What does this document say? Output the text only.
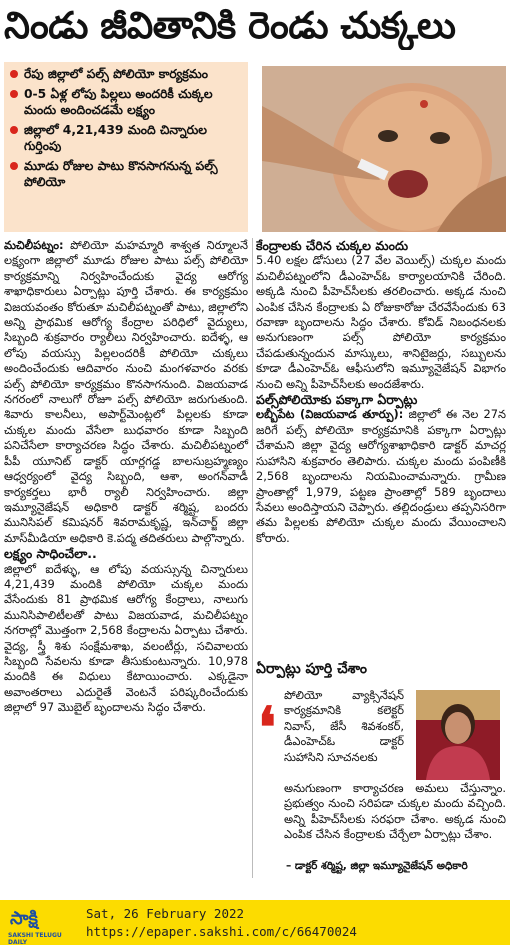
నిండు జీవితానికి రెండు చుక్కలు
రేపు జిల్లాలో పల్స్ పోలియో కార్యక్రమం
0-5 ఏళ్ల లోపు పిల్లలు అందరికీ చుక్కల మందు అందించడమే లక్ష్యం
జిల్లాలో 4,21,439 మంది చిన్నారుల గుర్తింపు
మూడు రోజుల పాటు కొనసాగనున్న పల్స్ పోలియో

మచిలీపట్నం: పోలియో మహమ్మారి శాశ్వత నిర్మూలనే లక్ష్యంగా జిల్లాలో మూడు రోజుల పాటు పల్స్ పోలియో కార్యక్రమాన్ని నిర్వహించేందుకు వైద్య ఆరోగ్య శాఖాధికారులు ఏర్పాట్లు పూర్తి చేశారు. ఈ కార్యక్రమం విజయవంతం కోరుతూ మచిలీపట్నంతో పాటు, జిల్లాలోని అన్ని ప్రాథమిక ఆరోగ్య కేంద్రాల పరిధిలో వైద్యులు, సిబ్బంది శుక్రవారం ర్యాలీలు నిర్వహించారు. ఐదేళ్ళ, ఆ లోపు వయస్సు పిల్లలందరికీ పోలియో చుక్కలు అందించేందుకు ఆదివారం నుంచి మంగళవారం వరకు పల్స్ పోలియో కార్యక్రమం కొనసాగనుంది. విజయవాడ నగరంలో నాలుగో రోజూ పల్స్ పోలియో జరుగుతుంది. శివారు కాలనీలు, అపార్ట్‌మెంట్లలో పిల్లలకు కూడా చుక్కల మందు వేసేలా బుధవారం కూడా సిబ్బంది పనిచేసేలా కార్యాచరణ సిద్ధం చేశారు. మచిలీపట్నంలో పీపీ యూనిట్ డాక్టర్ యార్లగడ్డ బాలసుబ్రహ్మణ్యం ఆధ్వర్యంలో వైద్య సిబ్బంది, ఆశా, అంగన్‌వాడీ కార్యకర్తలు భారీ ర్యాలీ నిర్వహించారు. జిల్లా ఇమ్యూనైజేషన్ అధికారి డాక్టర్ శర్మిష్ట, బందరు మునిసిపల్ కమిషనర్ శివరామకృష్ణ, ఇన్‌చార్జ్ జిల్లా మాస్‌మీడియా అధికారి కె.పద్మ తదితరులు పాల్గొన్నారు.

లక్ష్యం సాధించేలా..

జిల్లాలో ఐదేళ్ళు, ఆ లోపు వయస్సున్న చిన్నారులు 4,21,439 మందికి పోలియో చుక్కల మందు వేసేందుకు 81 ప్రాథమిక ఆరోగ్య కేంద్రాలు, నాలుగు మునిసిపాలిటీలతో పాటు విజయవాడ, మచిలీపట్నం నగరాల్లో మొత్తంగా 2,568 కేంద్రాలను ఏర్పాటు చేశారు. వైద్య, స్త్రీ శిశు సంక్షేమశాఖ, వలంటీర్లు, సచివాలయ సిబ్బంది సేవలను కూడా తీసుకుంటున్నారు. 10,978 మందికి ఈ విధులు కేటాయించారు. ఎక్కడైనా అవాంతరాలు ఎదురైతే వెంటనే పరిష్కరించేందుకు జిల్లాలో 97 మొబైల్ బృందాలను సిద్ధం చేశారు.

కేంద్రాలకు చేరిన చుక్కల మందు

5.40 లక్షల డోసులు (27 వేల వెయిల్స్) చుక్కల మందు మచిలీపట్నంలోని డీఎంహెచ్ఓ కార్యాలయానికి చేరింది. అక్కడి నుంచి పీహెచ్‌సీలకు తరలించారు. అక్కడ నుంచి ఎంపిక చేసిన కేంద్రాలకు ఏ రోజుకారోజు చేరవేసేందుకు 63 రవాణా బృందాలను సిద్ధం చేశారు. కోవిడ్ నిబంధనలకు అనుగుణంగా పల్స్ పోలియో కార్యక్రమం చేపడుతున్నందున మాస్కులు, శానిటైజర్లు, సబ్బులను కూడా డీఎంహెచ్ఓ ఆఫీసులోని ఇమ్యూనైజేషన్ విభాగం నుంచి అన్ని పీహెచ్‌సీలకు అందజేశారు.

పల్స్‌పోలియోకు పక్కాగా ఏర్పాట్లు

లబ్బీపేట (విజయవాడ తూర్పు): జిల్లాలో ఈ నెల 27న జరిగే పల్స్ పోలియో కార్యక్రమానికి పక్కాగా ఏర్పాట్లు చేశామని జిల్లా వైద్య ఆరోగ్యశాఖాధికారి డాక్టర్ మాచర్ల సుహాసిని శుక్రవారం తెలిపారు. చుక్కల మందు పంపిణీకి 2,568 బృందాలను నియమించామన్నారు. గ్రామీణ ప్రాంతాల్లో 1,979, పట్టణ ప్రాంతాల్లో 589 బృందాలు సేవలు అందిస్తాయని చెప్పారు. తల్లిదండ్రులు తప్పనిసరిగా తమ పిల్లలకు పోలియో చుక్కల మందు వేయించాలని కోరారు.

ఏర్పాట్లు పూర్తి చేశాం
❛ పోలియో వ్యాక్సినేషన్ కార్యక్రమానికి కలెక్టర్ నివాస్, జేసీ శివశంకర్, డీఎంహెచ్ఓ డాక్టర్ సుహాసిని సూచనలకు
అనుగుణంగా కార్యాచరణ అమలు చేస్తున్నాం. ప్రభుత్వం నుంచి సరిపడా చుక్కల మందు వచ్చింది. అన్ని పీహెచ్‌సీలకు సరఫరా చేశాం. అక్కడ నుంచి ఎంపిక చేసిన కేంద్రాలకు చేర్చేలా ఏర్పాట్లు చేశాం.
– డాక్టర్ శర్మిష్ట, జిల్లా ఇమ్యూనైజేషన్ అధికారి
సాక్షి
SAKSHI TELUGU DAILY
Sat, 26 February 2022
https://epaper.sakshi.com/c/66470024
